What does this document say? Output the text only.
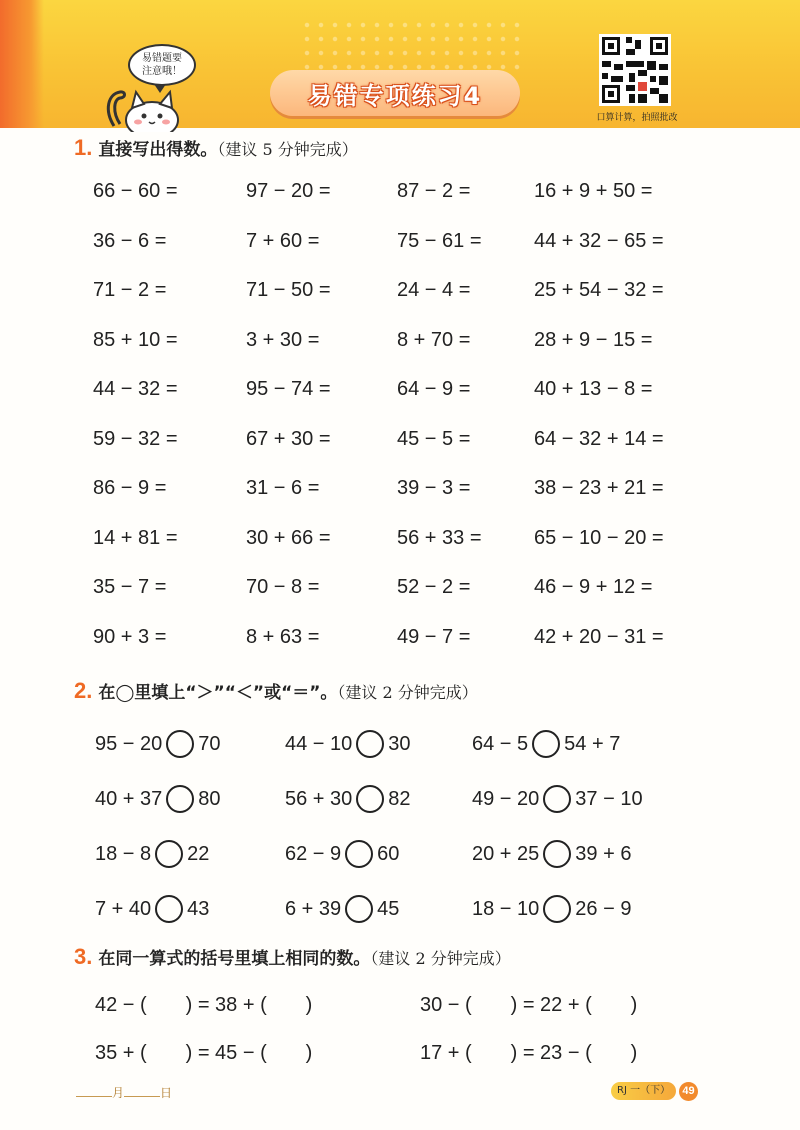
易错题要
注意哦！
易错专项练习4
口算计算，拍照批改
1. 直接写出得数。（建议 5 分钟完成）
66 − 60 =	97 − 20 =	87 − 2 =	16 + 9 + 50 =
36 − 6 =	7 + 60 =	75 − 61 =	44 + 32 − 65 =
71 − 2 =	71 − 50 =	24 − 4 =	25 + 54 − 32 =
85 + 10 =	3 + 30 =	8 + 70 =	28 + 9 − 15 =
44 − 32 =	95 − 74 =	64 − 9 =	40 + 13 − 8 =
59 − 32 =	67 + 30 =	45 − 5 =	64 − 32 + 14 =
86 − 9 =	31 − 6 =	39 − 3 =	38 − 23 + 21 =
14 + 81 =	30 + 66 =	56 + 33 =	65 − 10 − 20 =
35 − 7 =	70 − 8 =	52 − 2 =	46 − 9 + 12 =
90 + 3 =	8 + 63 =	49 − 7 =	42 + 20 − 31 =
2. 在◯里填上“＞”“＜”或“＝”。（建议 2 分钟完成）
95 − 20 70	44 − 10 30	64 − 5 54 + 7
40 + 37 80	56 + 30 82	49 − 20 37 − 10
18 − 8 22	62 − 9 60	20 + 25 39 + 6
7 + 40 43	6 + 39 45	18 − 10 26 − 9
3. 在同一算式的括号里填上相同的数。（建议 2 分钟完成）
42 − (       ) = 38 + (       )	30 − (       ) = 22 + (       )
35 + (       ) = 45 − (       )	17 + (       ) = 23 − (       )
月	日	RJ 一（下）	49
